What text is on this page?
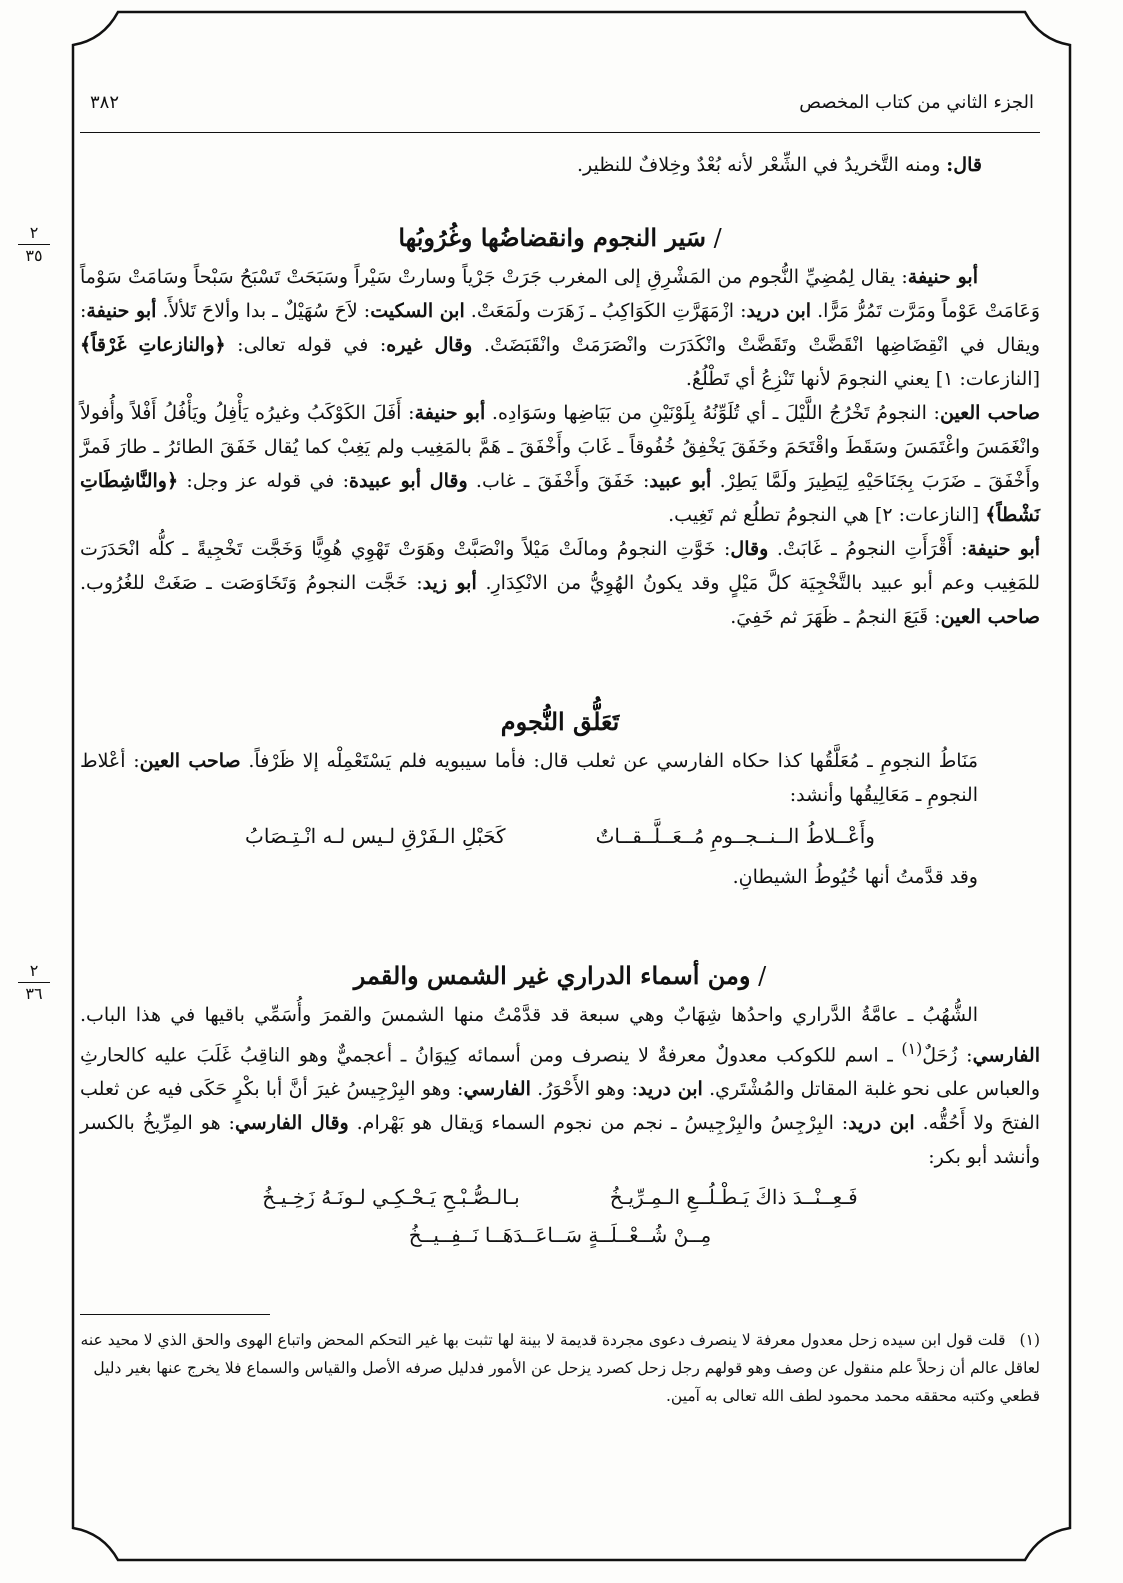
الجزء الثاني من كتاب المخصص
٣٨٢

قال: ومنه التَّخريدُ في الشِّعْر لأنه بُعْدٌ وخِلافٌ للنظير.

٢
٣٥
/ سَير النجوم وانقضاضُها وغُرُوبُها

أبو حنيفة: يقال لِمُضِيِّ النُّجوم من المَشْرِقِ إلى المغرب جَرَتْ جَرْياً وسارتْ سَيْراً وسَبَحَتْ تَسْبَحُ سَبْحاً وسَامَتْ سَوْماً وَعَامَتْ عَوْماً ومَرَّت تَمُرُّ مَرًّا. ابن دريد: ازْمَهَرَّتِ الكَوَاكِبُ ـ زَهَرَت ولَمَعَتْ. ابن السكيت: لاَحَ سُهَيْلٌ ـ بدا وألاحَ تَلألأَ. أبو حنيفة: ويقال في انْقِضَاضِها انْقَضَّتْ وتَقَضَّتْ وانْكَدَرَت وانْصَرَمَتْ وانْقَبَضَتْ. وقال غيره: في قوله تعالى: ﴿والنازعاتِ غَرْقاً﴾ [النازعات: ١] يعني النجومَ لأنها تَنْزِعُ أي تَطْلُعُ.

صاحب العين: النجومُ تَخْرُجُ اللَّيْلَ ـ أي تُلَوِّنُهُ بِلَوْنَيْنِ من بَيَاضِها وسَوَادِه. أبو حنيفة: أَفَلَ الكَوْكَبُ وغيرُه يَأْفِلُ ويَأْفُلُ أَفْلاً وأُفولاً وانْغَمَسَ واغْتَمَسَ وسَقَطَ واقْتَحَمَ وخَفَقَ يَخْفِقُ خُفُوقاً ـ غَابَ وأَخْفَقَ ـ هَمَّ بالمَغِيب ولم يَغِبْ كما يُقال خَفَقَ الطائرُ ـ طارَ فَمرَّ وأَخْفَقَ ـ ضَرَبَ بِجَنَاحَيْهِ لِيَطِيرَ ولَمَّا يَطِرْ. أبو عبيد: خَفَقَ وأَخْفَقَ ـ غاب. وقال أبو عبيدة: في قوله عز وجل: ﴿والنَّاشِطَاتِ نَشْطاً﴾ [النازعات: ٢] هي النجومُ تطلُع ثم تَغِيب.

أبو حنيفة: أَقْرَأَتِ النجومُ ـ غَابَتْ. وقال: خَوَّتِ النجومُ ومالَتْ مَيْلاً وانْصَبَّتْ وهَوَتْ تَهْوِي هُوِيًّا وَخَجَّت تَخْجِيةً ـ كلُّه انْحَدَرَت للمَغِيب وعم أبو عبيد بالتَّخْجِيَة كلَّ مَيْلٍ وقد يكونُ الهُوِيُّ من الانْكِدَارِ. أبو زيد: خَجَّت النجومُ وَتَخَاوَصَت ـ صَغَتْ للغُرُوب. صاحب العين: قَبَعَ النجمُ ـ ظَهَرَ ثم خَفِيَ.

تَعَلُّق النُّجوم

مَنَاطُ النجومِ ـ مُعَلَّقُها كذا حكاه الفارسي عن ثعلب قال: فأما سيبويه فلم يَسْتَعْمِلْه إلا ظَرْفاً. صاحب العين: أعْلاط النجومِ ـ مَعَالِيقُها وأنشد:

وأَعْــلاطُ الــنــجــومِ مُــعَــلَّــقــاتٌ
كَحَبْلِ الـفَرْقِ لـيس لـه انْـتِـصَابُ

وقد قدَّمتُ أنها خُيُوطُ الشيطانِ.

٢
٣٦
/ ومن أسماء الدراري غير الشمس والقمر

الشُّهُبُ ـ عامَّةُ الدَّراري واحدُها شِهَابٌ وهي سبعة قد قدَّمْتُ منها الشمسَ والقمرَ وأُسَمِّي باقيها في هذا الباب. الفارسي: زُحَلٌ$^{(١)}$ ـ اسم للكوكب معدولٌ معرفةٌ لا ينصرف ومن أسمائه كِيوَانُ ـ أعجميٌّ وهو الناقِبُ غَلَبَ عليه كالحارثِ والعباس على نحو غلبة المقاتل والمُشْتَري. ابن دريد: وهو الأَحْوَرُ. الفارسي: وهو البِرْجِيسُ غيرَ أنَّ أبا بكْرٍ حَكَى فيه عن ثعلب الفتحَ ولا أَحُقُّه. ابن دريد: البِرْجِسُ والبِرْجِيسُ ـ نجم من نجوم السماء وَيقال هو بَهْرام. وقال الفارسي: هو المِرِّيخُ بالكسر وأنشد أبو بكر:

فَـعِــنْــدَ ذاكَ يَـطْـلُــعِ الـمِـرِّيـخُ
بـالـصُّـبْـحِ يَـحْـكِـي لـونَـهُ زَخِـيـخُ
مِــنْ شُــعْــلَــةٍ سَــاعَــدَهَــا نَــفِــيــخُ
(١)
قلت قول ابن سيده زحل معدول معرفة لا ينصرف دعوى مجردة قديمة لا بينة لها تثبت بها غير التحكم المحض واتباع الهوى والحق الذي لا محيد عنه لعاقل عالم أن زحلاً علم منقول عن وصف وهو قولهم رجل زحل كصرد يزحل عن الأمور فدليل صرفه الأصل والقياس والسماع فلا يخرج عنها بغير دليل قطعي وكتبه محققه محمد محمود لطف الله تعالى به آمين.
